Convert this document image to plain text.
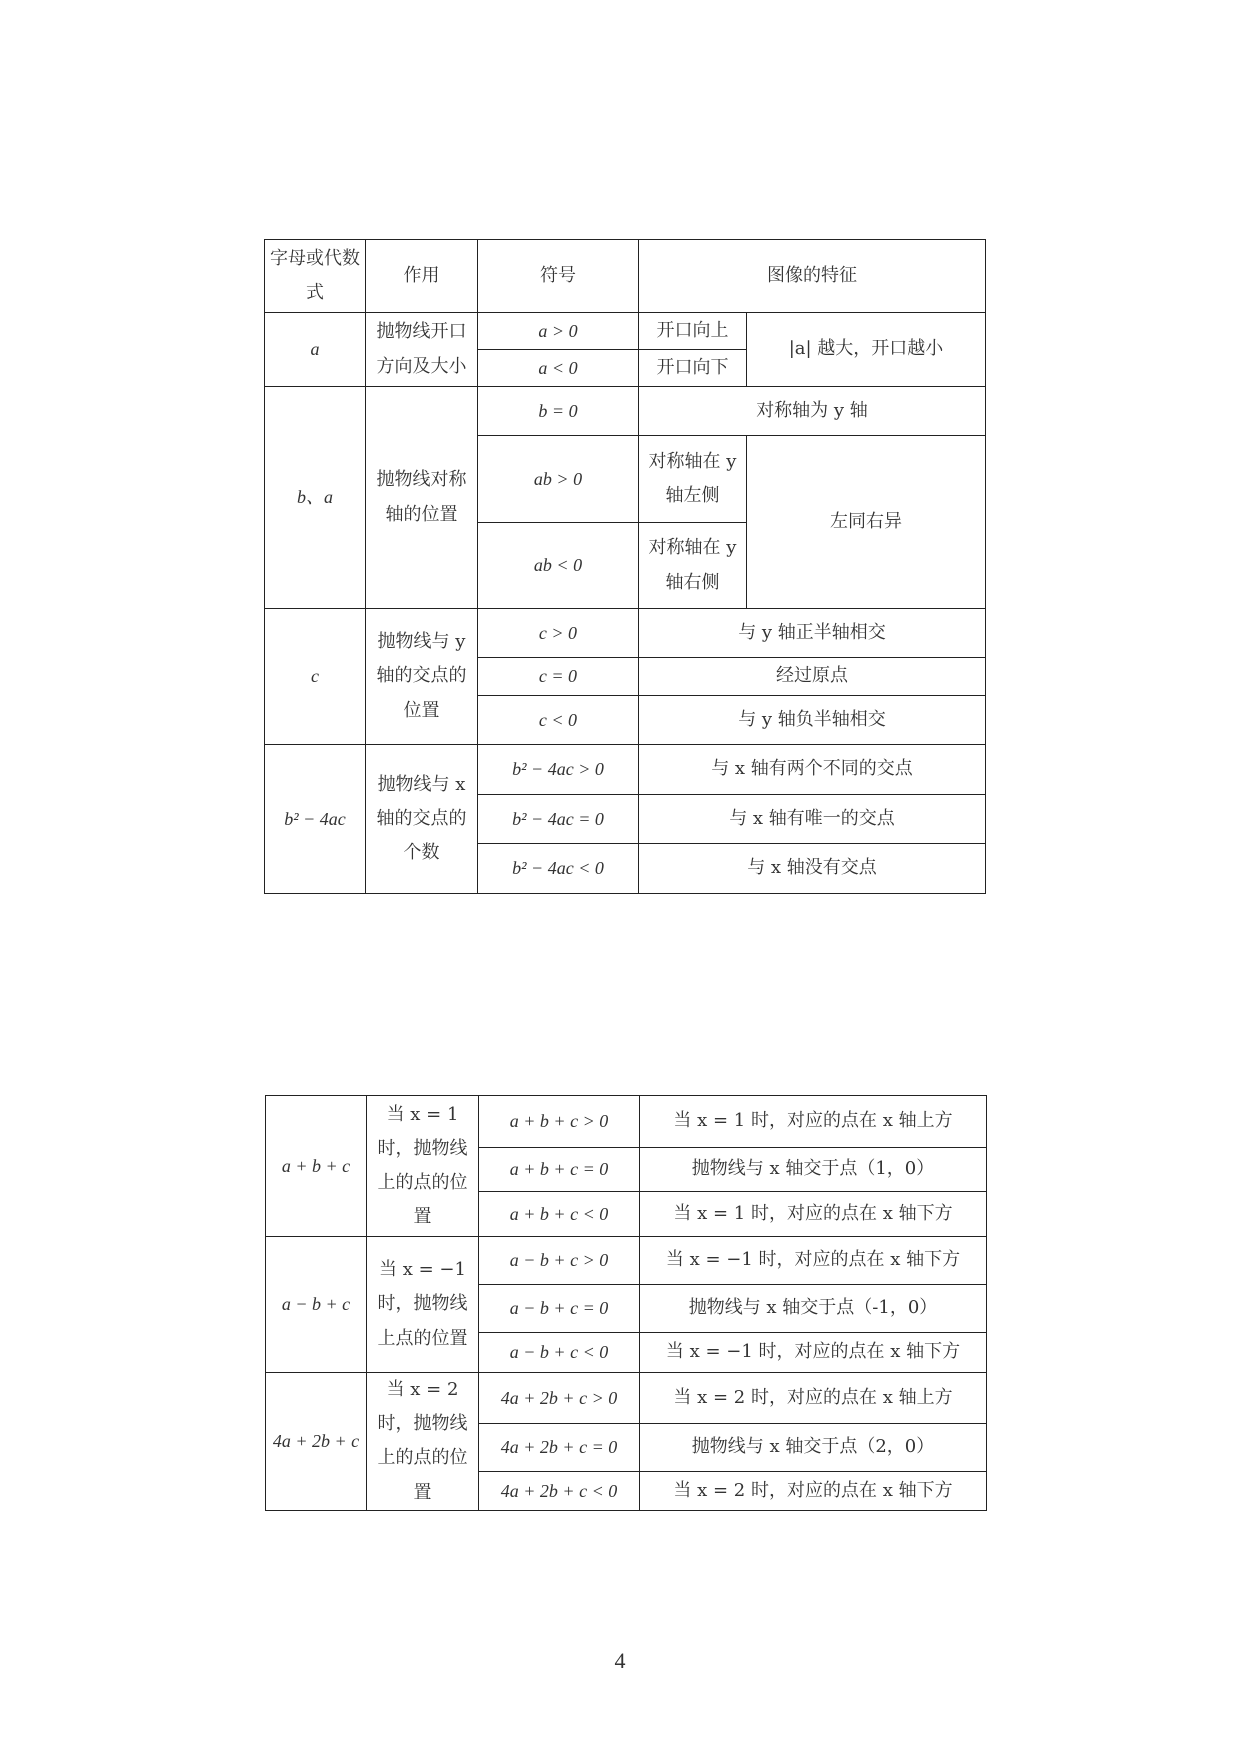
字母或代数式	作用	符号	图像的特征	
a	抛物线开口方向及大小	a > 0	开口向上	|a| 越大，开口越小
		a < 0	开口向下	
b、a	抛物线对称轴的位置	b = 0	对称轴为 y 轴	
		ab > 0	对称轴在 y 轴左侧	左同右异
		ab < 0	对称轴在 y 轴右侧	
c	抛物线与 y 轴的交点的位置	c > 0	与 y 轴正半轴相交	
		c = 0	经过原点	
		c < 0	与 y 轴负半轴相交	
b² − 4ac	抛物线与 x 轴的交点的个数	b² − 4ac > 0	与 x 轴有两个不同的交点	
		b² − 4ac = 0	与 x 轴有唯一的交点	
		b² − 4ac < 0	与 x 轴没有交点	
a + b + c	当 x = 1 时，抛物线上的点的位置	a + b + c > 0	当 x = 1 时，对应的点在 x 轴上方
		a + b + c = 0	抛物线与 x 轴交于点（1，0）
		a + b + c < 0	当 x = 1 时，对应的点在 x 轴下方
a − b + c	当 x = −1 时，抛物线上点的位置	a − b + c > 0	当 x = −1 时，对应的点在 x 轴下方
		a − b + c = 0	抛物线与 x 轴交于点（-1，0）
		a − b + c < 0	当 x = −1 时，对应的点在 x 轴下方
4a + 2b + c	当 x = 2 时，抛物线上的点的位置	4a + 2b + c > 0	当 x = 2 时，对应的点在 x 轴上方
		4a + 2b + c = 0	抛物线与 x 轴交于点（2，0）
		4a + 2b + c < 0	当 x = 2 时，对应的点在 x 轴下方
4
